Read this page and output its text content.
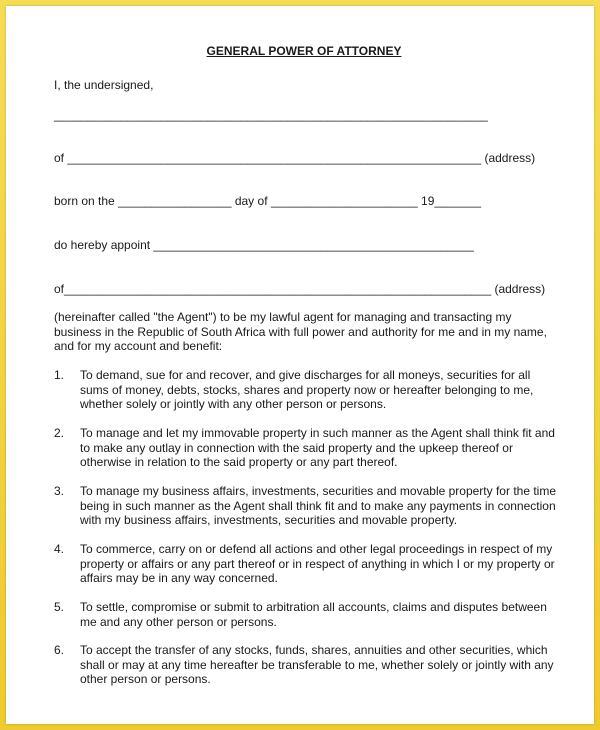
GENERAL POWER OF ATTORNEY
I, the undersigned,
_________________________________________________________________
of ______________________________________________________________ (address)
born on the _________________ day of ______________________ 19_______
do hereby appoint ________________________________________________
of________________________________________________________________ (address)
(hereinafter called "the Agent") to be my lawful agent for managing and transacting my business in the Republic of South Africa with full power and authority for me and in my name, and for my account and benefit:
1. To demand, sue for and recover, and give discharges for all moneys, securities for all sums of money, debts, stocks, shares and property now or hereafter belonging to me, whether solely or jointly with any other person or persons.
2. To manage and let my immovable property in such manner as the Agent shall think fit and to make any outlay in connection with the said property and the upkeep thereof or otherwise in relation to the said property or any part thereof.
3. To manage my business affairs, investments, securities and movable property for the time being in such manner as the Agent shall think fit and to make any payments in connection with my business affairs, investments, securities and movable property.
4. To commerce, carry on or defend all actions and other legal proceedings in respect of my property or affairs or any part thereof or in respect of anything in which I or my property or affairs may be in any way concerned.
5. To settle, compromise or submit to arbitration all accounts, claims and disputes between me and any other person or persons.
6. To accept the transfer of any stocks, funds, shares, annuities and other securities, which shall or may at any time hereafter be transferable to me, whether solely or jointly with any other person or persons.
